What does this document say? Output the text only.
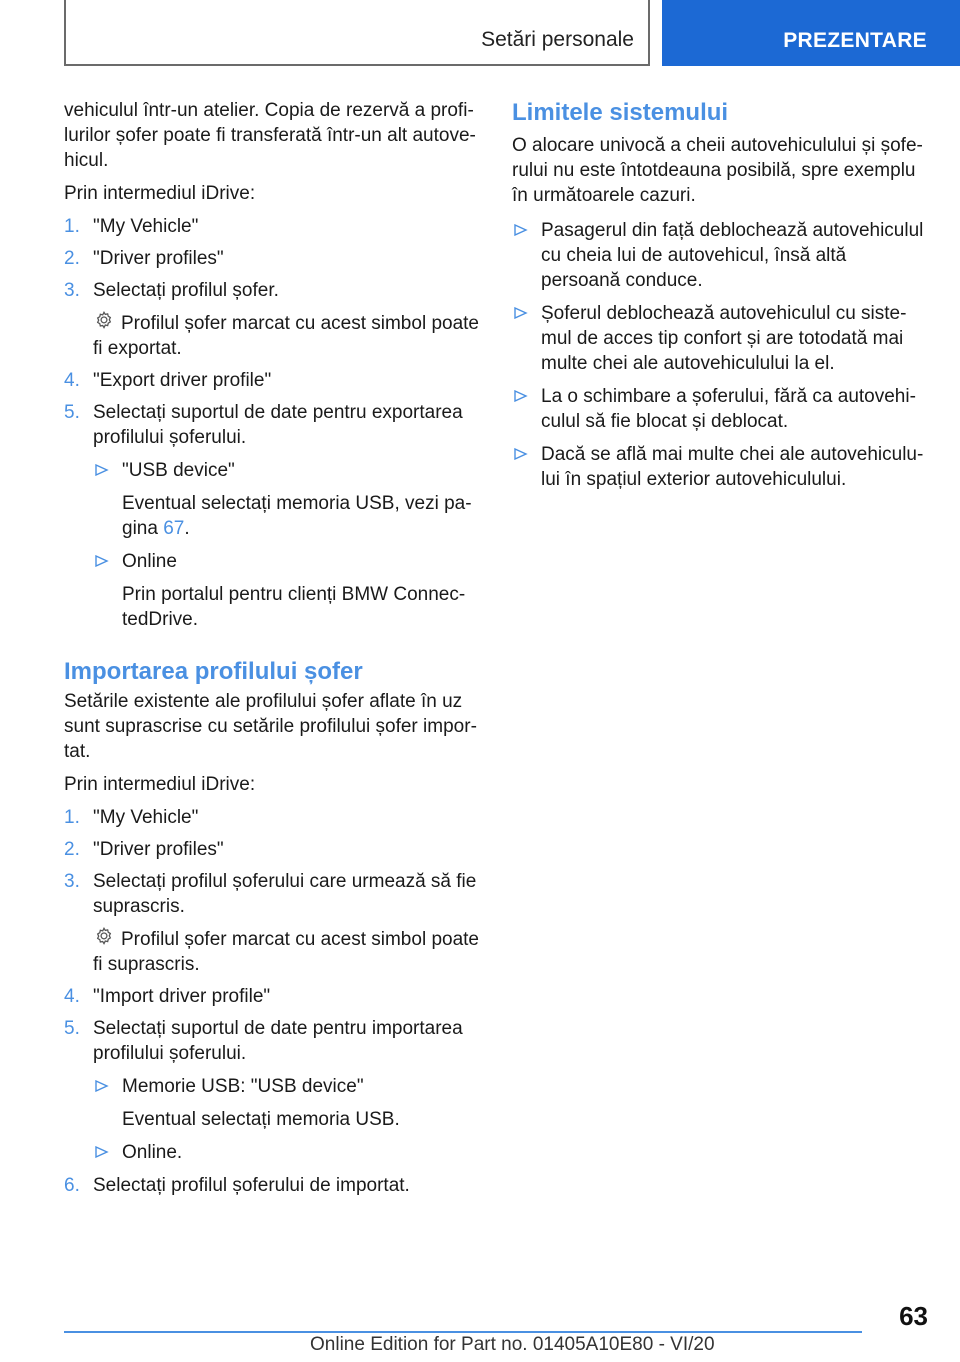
Setări personale	PREZENTARE

vehiculul într-un atelier. Copia de rezervă a profilurilor șofer poate fi transferată într-un alt autovehicul.

Prin intermediul iDrive:

1. "My Vehicle"
2. "Driver profiles"
3. Selectați profilul șofer.
Profilul șofer marcat cu acest simbol poate fi exportat.
4. "Export driver profile"
5. Selectați suportul de date pentru exportarea profilului șoferului.
"USB device"
Eventual selectați memoria USB, vezi pagina 67.
Online
Prin portalul pentru clienți BMW ConnectedDrive.
Importarea profilului șofer

Setările existente ale profilului șofer aflate în uz sunt suprascrise cu setările profilului șofer importat.

Prin intermediul iDrive:

1. "My Vehicle"
2. "Driver profiles"
3. Selectați profilul șoferului care urmează să fie suprascris.
Profilul șofer marcat cu acest simbol poate fi suprascris.
4. "Import driver profile"
5. Selectați suportul de date pentru importarea profilului șoferului.
Memorie USB: "USB device"
Eventual selectați memoria USB.
Online.
6. Selectați profilul șoferului de importat.
Limitele sistemului

O alocare univocă a cheii autovehiculului și șoferului nu este întotdeauna posibilă, spre exemplu în următoarele cazuri.

Pasagerul din față deblochează autovehiculul cu cheia lui de autovehicul, însă altă persoană conduce.
Șoferul deblochează autovehiculul cu sistemul de acces tip confort și are totodată mai multe chei ale autovehiculului la el.
La o schimbare a șoferului, fără ca autovehiculul să fie blocat și deblocat.
Dacă se află mai multe chei ale autovehiculului în spațiul exterior autovehiculului.
63
Online Edition for Part no. 01405A10E80 - VI/20
